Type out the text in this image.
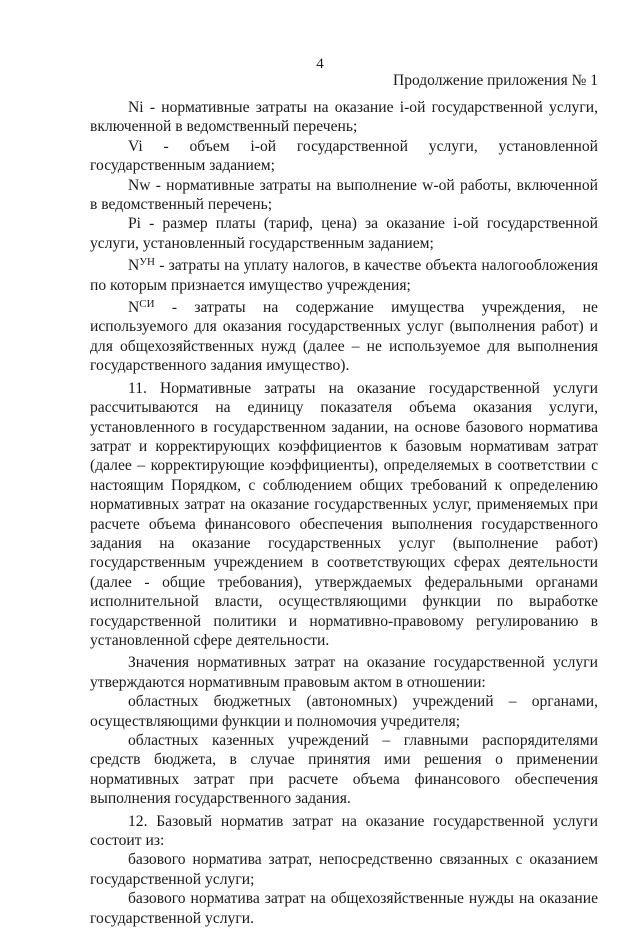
4
Продолжение приложения № 1

Ni - нормативные затраты на оказание i-ой государственной услуги, включенной в ведомственный перечень;

Vi - объем i-ой государственной услуги, установленной

государственным заданием;

Nw - нормативные затраты на выполнение w-ой работы, включенной в ведомственный перечень;

Pi - размер платы (тариф, цена) за оказание i-ой государственной услуги, установленный государственным заданием;

$N^{УН}$ - затраты на уплату налогов, в качестве объекта налогообложения по которым признается имущество учреждения;

$N^{СИ}$ - затраты на содержание имущества учреждения, не

используемого для оказания государственных услуг (выполнения работ) и для общехозяйственных нужд (далее – не используемое для выполнения государственного задания имущество).

11. Нормативные затраты на оказание государственной услуги рассчитываются на единицу показателя объема оказания услуги, установленного в государственном задании, на основе базового норматива затрат и корректирующих коэффициентов к базовым нормативам затрат (далее – корректирующие коэффициенты), определяемых в соответствии с настоящим Порядком, с соблюдением общих требований к определению нормативных затрат на оказание государственных услуг, применяемых при расчете объема финансового обеспечения выполнения государственного задания на оказание государственных услуг (выполнение работ) государственным учреждением в соответствующих сферах деятельности (далее - общие требования), утверждаемых федеральными органами исполнительной власти, осуществляющими функции по выработке государственной политики и нормативно-правовому регулированию в установленной сфере деятельности.

Значения нормативных затрат на оказание государственной услуги утверждаются нормативным правовым актом в отношении:

областных бюджетных (автономных) учреждений – органами, осуществляющими функции и полномочия учредителя;

областных казенных учреждений – главными распорядителями средств бюджета, в случае принятия ими решения о применении нормативных затрат при расчете объема финансового обеспечения выполнения государственного задания.

12. Базовый норматив затрат на оказание государственной услуги состоит из:

базового норматива затрат, непосредственно связанных с оказанием государственной услуги;

базового норматива затрат на общехозяйственные нужды на оказание государственной услуги.
